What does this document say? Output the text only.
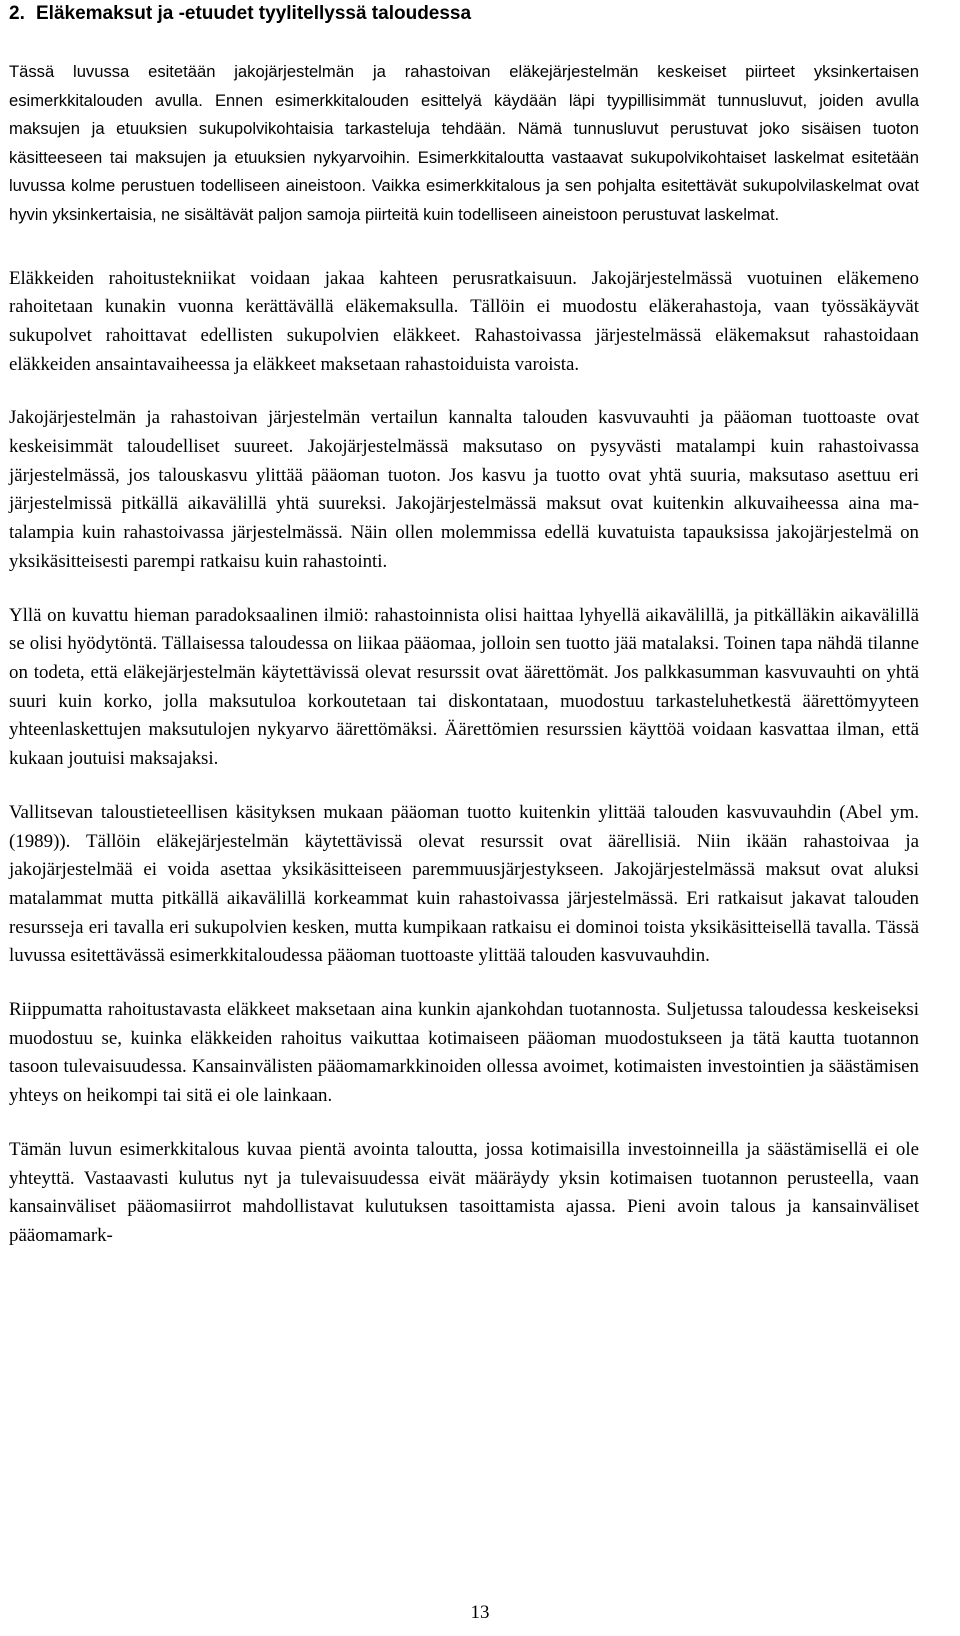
2. Eläkemaksut ja -etuudet tyylitellyssä taloudessa

Tässä luvussa esitetään jakojärjestelmän ja rahastoivan eläkejärjestelmän keskeiset piirteet yksinkertaisen esimerkkitalouden avulla. Ennen esimerkkitalouden esittelyä käydään läpi tyypillisimmät tunnusluvut, joiden avulla maksujen ja etuuksien sukupolvikohtaisia tarkasteluja tehdään. Nämä tunnusluvut perustuvat joko sisäisen tuoton käsitteeseen tai maksujen ja etuuksien nykyarvoihin. Esimerkkitaloutta vastaavat sukupolvikohtaiset laskelmat esitetään luvussa kolme perustuen todelliseen aineistoon. Vaikka esimerkkitalous ja sen pohjalta esitettävät sukupolvilaskelmat ovat hyvin yksinkertaisia, ne sisältävät paljon samoja piirteitä kuin todelliseen aineistoon perustuvat laskelmat.

Eläkkeiden rahoitustekniikat voidaan jakaa kahteen perusratkaisuun. Jakojärjestelmässä vuotuinen eläkemeno rahoitetaan kunakin vuonna kerättävällä eläkemaksulla. Tällöin ei muodostu eläkerahastoja, vaan työssäkäyvät sukupolvet rahoittavat edellisten sukupolvien eläkkeet. Rahastoivassa järjestelmässä eläkemaksut rahastoidaan eläkkeiden ansaintavaiheessa ja eläkkeet maksetaan rahastoiduista varoista.

Jakojärjestelmän ja rahastoivan järjestelmän vertailun kannalta talouden kasvuvauhti ja pääoman tuottoaste ovat keskeisimmät taloudelliset suureet. Jakojärjestelmässä maksutaso on pysyvästi matalampi kuin rahastoivassa järjestelmässä, jos talouskasvu ylittää pääoman tuoton. Jos kasvu ja tuotto ovat yhtä suuria, maksutaso asettuu eri järjestelmissä pitkällä aikavälillä yhtä suureksi. Jakojärjestelmässä maksut ovat kuitenkin alkuvaiheessa aina matalampia kuin rahastoivassa järjestelmässä. Näin ollen molemmissa edellä kuvatuista tapauksissa jakojärjestelmä on yksikäsitteisesti parempi ratkaisu kuin rahastointi.

Yllä on kuvattu hieman paradoksaalinen ilmiö: rahastoinnista olisi haittaa lyhyellä aikavälillä, ja pitkälläkin aikavälillä se olisi hyödytöntä. Tällaisessa taloudessa on liikaa pääomaa, jolloin sen tuotto jää matalaksi. Toinen tapa nähdä tilanne on todeta, että eläkejärjestelmän käytettävissä olevat resurssit ovat äärettömät. Jos palkkasumman kasvuvauhti on yhtä suuri kuin korko, jolla maksutuloa korkoutetaan tai diskontataan, muodostuu tarkasteluhetkestä äärettömyyteen yhteenlaskettujen maksutulojen nykyarvo äärettömäksi. Äärettömien resurssien käyttöä voidaan kasvattaa ilman, että kukaan joutuisi maksajaksi.

Vallitsevan taloustieteellisen käsityksen mukaan pääoman tuotto kuitenkin ylittää talouden kasvuvauhdin (Abel ym. (1989)). Tällöin eläkejärjestelmän käytettävissä olevat resurssit ovat äärellisiä. Niin ikään rahastoivaa ja jakojärjestelmää ei voida asettaa yksikäsitteiseen paremmuusjärjestykseen. Jakojärjestelmässä maksut ovat aluksi matalammat mutta pitkällä aikavälillä korkeammat kuin rahastoivassa järjestelmässä. Eri ratkaisut jakavat talouden resursseja eri tavalla eri sukupolvien kesken, mutta kumpikaan ratkaisu ei dominoi toista yksikäsitteisellä tavalla. Tässä luvussa esitettävässä esimerkkitaloudessa pääoman tuottoaste ylittää talouden kasvuvauhdin.

Riippumatta rahoitustavasta eläkkeet maksetaan aina kunkin ajankohdan tuotannosta. Suljetussa taloudessa keskeiseksi muodostuu se, kuinka eläkkeiden rahoitus vaikuttaa kotimaiseen pääoman muodostukseen ja tätä kautta tuotannon tasoon tulevaisuudessa. Kansainvälisten pääomamarkkinoiden ollessa avoimet, kotimaisten investointien ja säästämisen yhteys on heikompi tai sitä ei ole lainkaan.

Tämän luvun esimerkkitalous kuvaa pientä avointa taloutta, jossa kotimaisilla investoinneilla ja säästämisellä ei ole yhteyttä. Vastaavasti kulutus nyt ja tulevaisuudessa eivät määräydy yksin kotimaisen tuotannon perusteella, vaan kansainväliset pääomasiirrot mahdollistavat kulutuksen tasoittamista ajassa. Pieni avoin talous ja kansainväliset pääomamark-

13
